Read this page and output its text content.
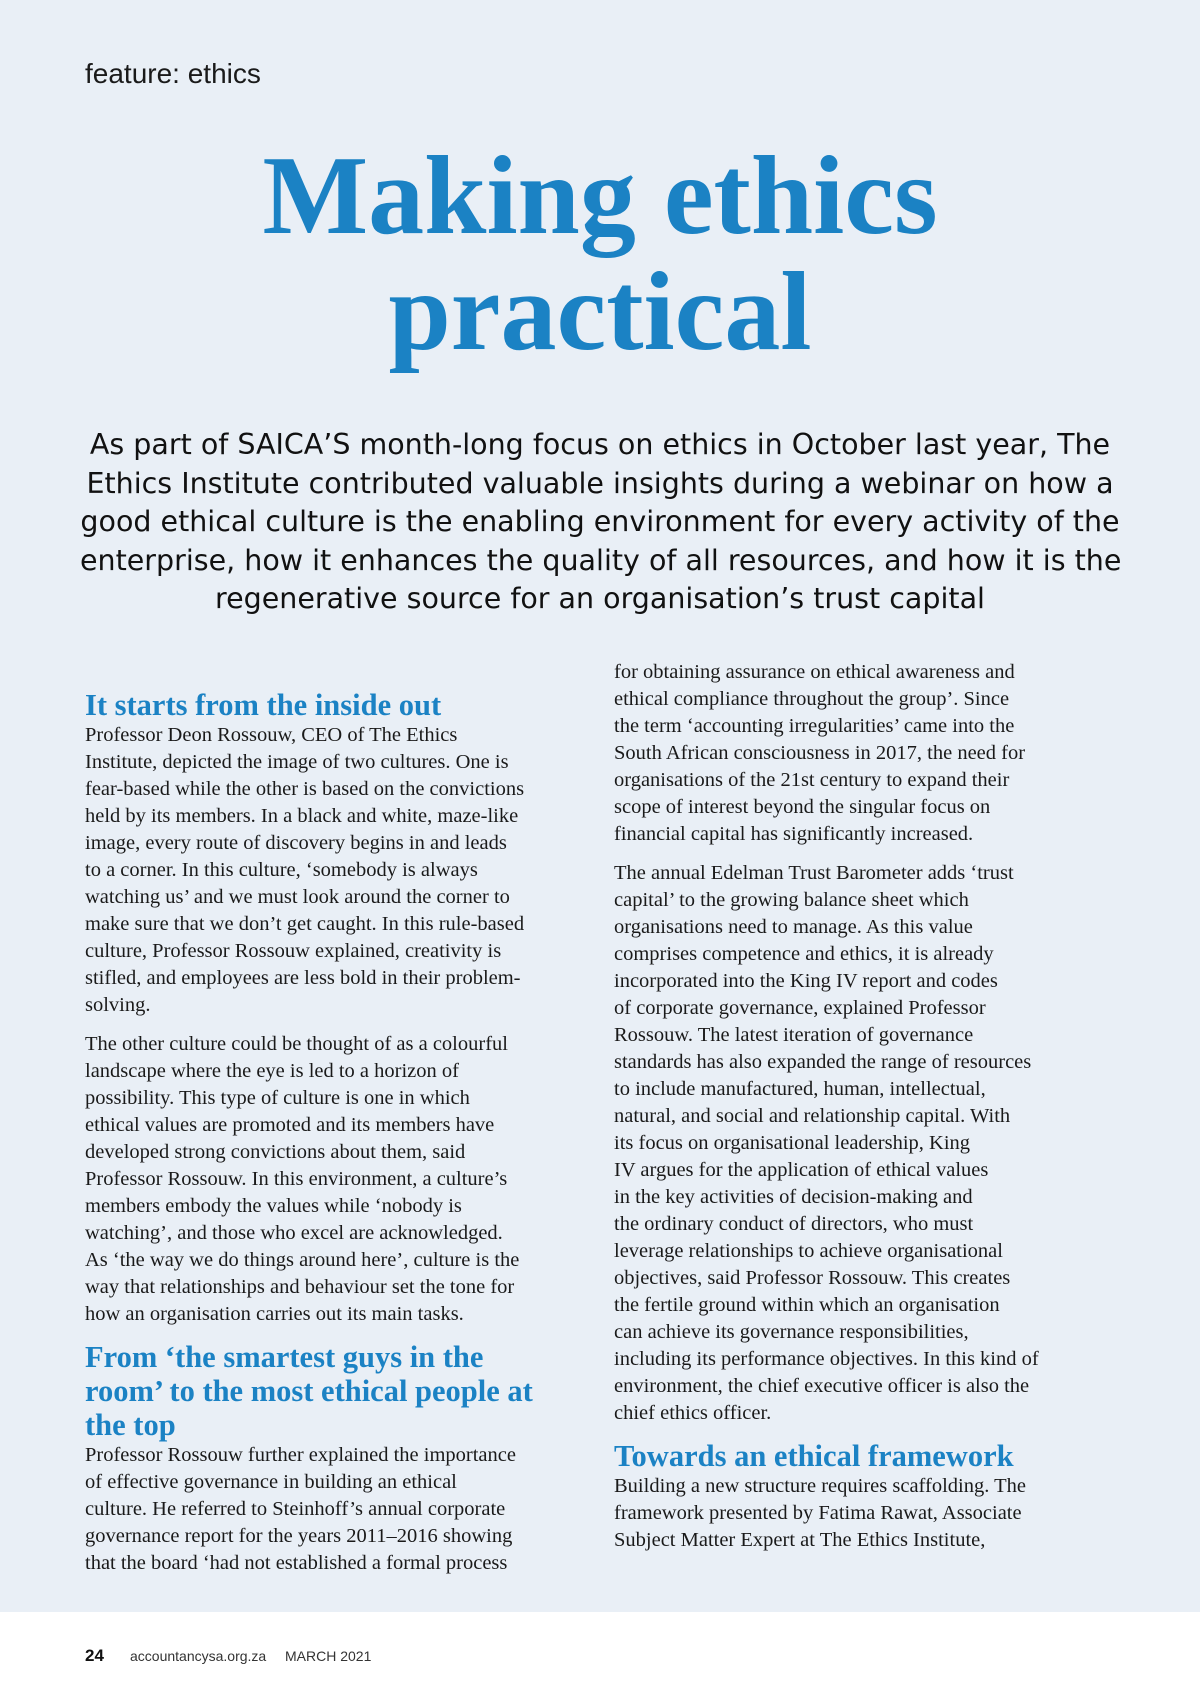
feature: ethics
Making ethics
practical
As part of SAICA’S month-long focus on ethics in October last year, The
Ethics Institute contributed valuable insights during a webinar on how a
good ethical culture is the enabling environment for every activity of the
enterprise, how it enhances the quality of all resources, and how it is the
regenerative source for an organisation’s trust capital
It starts from the inside out

Professor Deon Rossouw, CEO of The Ethics
Institute, depicted the image of two cultures. One is
fear-based while the other is based on the convictions
held by its members. In a black and white, maze-like
image, every route of discovery begins in and leads
to a corner. In this culture, ‘somebody is always
watching us’ and we must look around the corner to
make sure that we don’t get caught. In this rule-based
culture, Professor Rossouw explained, creativity is
stifled, and employees are less bold in their problem-
solving.

The other culture could be thought of as a colourful
landscape where the eye is led to a horizon of
possibility. This type of culture is one in which
ethical values are promoted and its members have
developed strong convictions about them, said
Professor Rossouw. In this environment, a culture’s
members embody the values while ‘nobody is
watching’, and those who excel are acknowledged.
As ‘the way we do things around here’, culture is the
way that relationships and behaviour set the tone for
how an organisation carries out its main tasks.

From ‘the smartest guys in the
room’ to the most ethical people at
the top

Professor Rossouw further explained the importance
of effective governance in building an ethical
culture. He referred to Steinhoff’s annual corporate
governance report for the years 2011–2016 showing
that the board ‘had not established a formal process

for obtaining assurance on ethical awareness and
ethical compliance throughout the group’. Since
the term ‘accounting irregularities’ came into the
South African consciousness in 2017, the need for
organisations of the 21st century to expand their
scope of interest beyond the singular focus on
financial capital has significantly increased.

The annual Edelman Trust Barometer adds ‘trust
capital’ to the growing balance sheet which
organisations need to manage. As this value
comprises competence and ethics, it is already
incorporated into the King IV report and codes
of corporate governance, explained Professor
Rossouw. The latest iteration of governance
standards has also expanded the range of resources
to include manufactured, human, intellectual,
natural, and social and relationship capital. With
its focus on organisational leadership, King
IV argues for the application of ethical values
in the key activities of decision-making and
the ordinary conduct of directors, who must
leverage relationships to achieve organisational
objectives, said Professor Rossouw. This creates
the fertile ground within which an organisation
can achieve its governance responsibilities,
including its performance objectives. In this kind of
environment, the chief executive officer is also the
chief ethics officer.

Towards an ethical framework

Building a new structure requires scaffolding. The
framework presented by Fatima Rawat, Associate
Subject Matter Expert at The Ethics Institute,

24 accountancysa.org.za MARCH 2021
